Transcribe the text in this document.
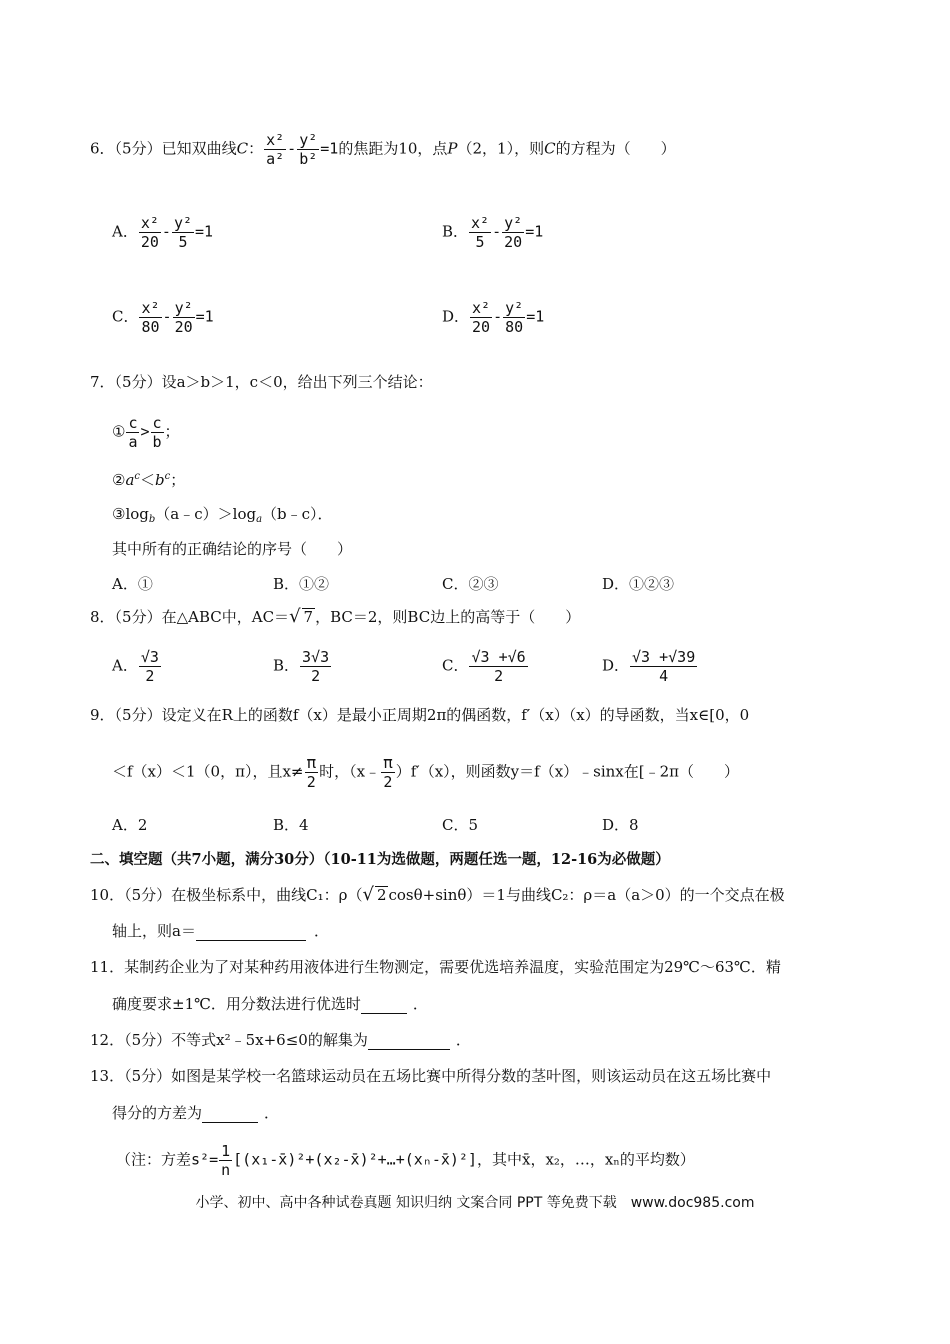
6．（5分）已知双曲线C： $\frac{\text{x²}}{\text{a²}} - \frac{\text{y²}}{\text{b²}} =1$的焦距为10，点P（2，1），则C的方程为（　　）
A． $\frac{\text{x²}}{20} - \frac{\text{y²}}{5} =1$	B． $\frac{\text{x²}}{5} - \frac{\text{y²}}{20} =1$
C． $\frac{\text{x²}}{80} - \frac{\text{y²}}{20} =1$	D． $\frac{\text{x²}}{20} - \frac{\text{y²}}{80} =1$
7．（5分）设a＞b＞1，c＜0，给出下列三个结论：
① $\frac{c}{a} > \frac{c}{b}$ ；
$②a^c<b^c$；
$③\log_b(a﹣c)>\log_a(b﹣c)$．
其中所有的正确结论的序号（　　）
A．①	B．①②	C．②③	D．①②③
8．（5分）在△ABC中，AC＝√ 7 ，BC＝2，则BC边上的高等于（　　）
A． $\frac{√3}{2}$	B． $\frac{3√3}{2}$	C． $\frac{√3 +√6}{2}$	D． $\frac{√3 +√39}{4}$
9．（5分）设定义在R上的函数f（x）是最小正周期2π的偶函数，f′（x）（x）的导函数，当x∈[0，0
＜f（x）＜1（0，π），且$x\ne \frac{\pi}{2}$ 时，（x﹣ $\frac{\pi}{2} )f'(x)$，则函数y＝f（x）﹣sinx在[﹣2π（　　）
A．2	B．4	C．5	D．8
二、填空题（共7小题，满分30分）（10-11为选做题，两题任选一题，12-16为必做题）
10．（5分）在极坐标系中，曲线C₁：ρ（√ 2 cosθ+sinθ）＝1与曲线C₂：ρ＝a（a＞0）的一个交点在极
轴上，则a＝	．
11．某制药企业为了对某种药用液体进行生物测定，需要优选培养温度，实验范围定为29℃～63℃．精
确度要求±1℃．用分数法进行优选时	．
12．（5分）不等式x²﹣5x+6≤0的解集为	．
13．（5分）如图是某学校一名篮球运动员在五场比赛中所得分数的茎叶图，则该运动员在这五场比赛中
得分的方差为	．
（注：方差$s^2= \frac{1}{n}$ [(x₁-x̄)²+(x₂-x̄)²+…+(xₙ-x̄)²]，其中x̄，x₂，…，xₙ的平均数）
小学、初中、高中各种试卷真题 知识归纳 文案合同 PPT 等免费下载　www.doc985.com
